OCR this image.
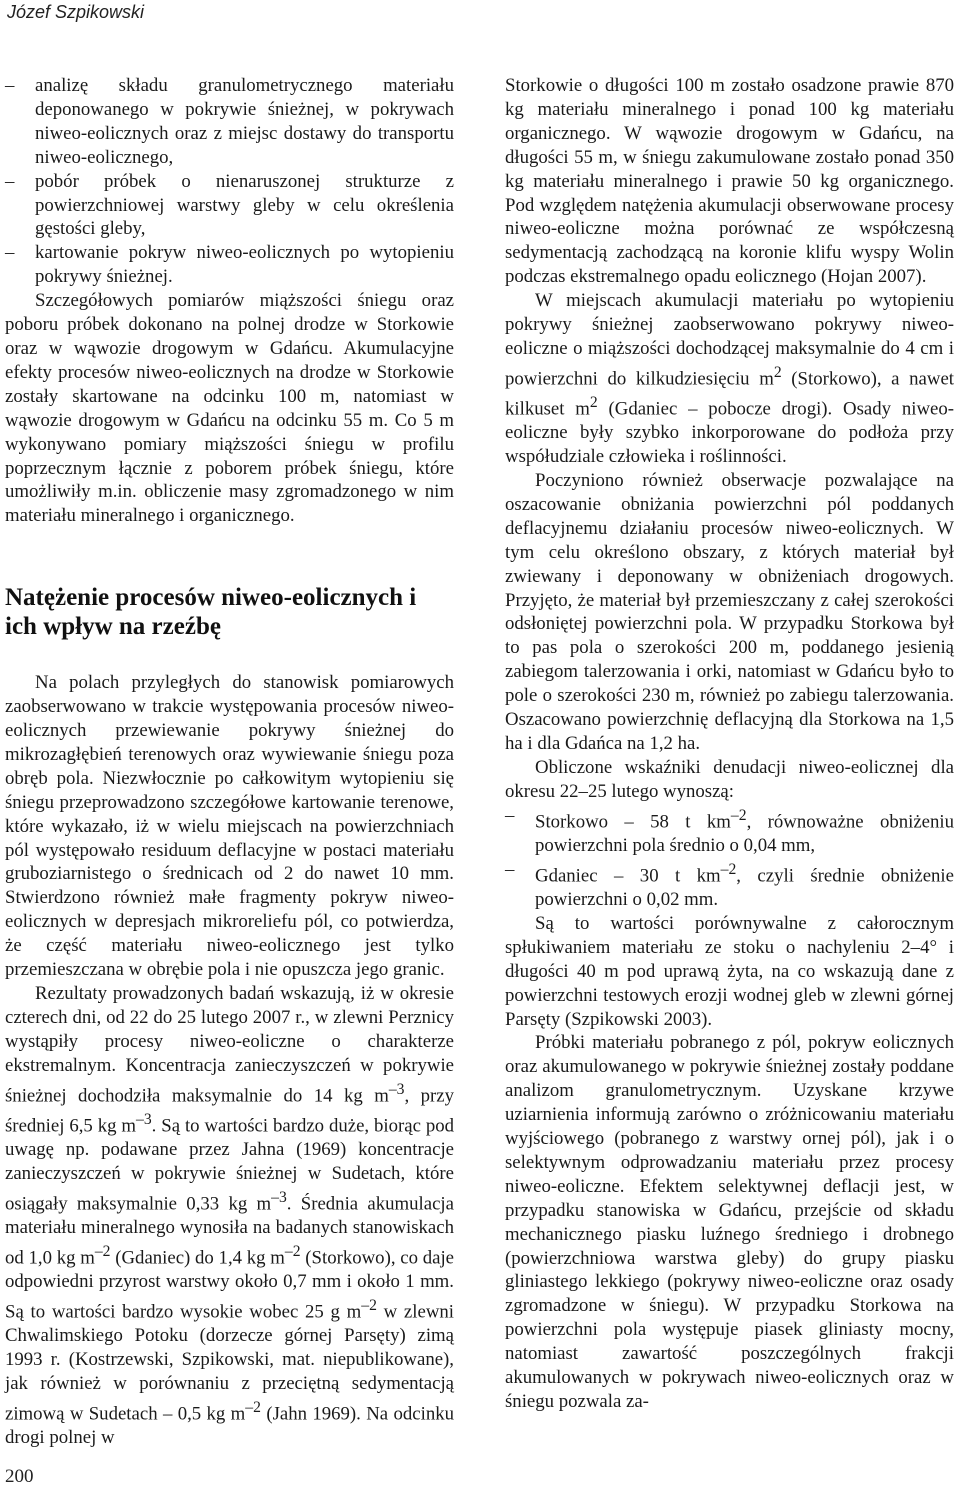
Józef Szpikowski
– analizę składu granulometrycznego materiału deponowanego w pokrywie śnieżnej, w pokrywach niweo-eolicznych oraz z miejsc dostawy do transportu niweo-eolicznego,
– pobór próbek o nienaruszonej strukturze z powierzchniowej warstwy gleby w celu określenia gęstości gleby,
– kartowanie pokryw niweo-eolicznych po wytopieniu pokrywy śnieżnej.

Szczegółowych pomiarów miąższości śniegu oraz poboru próbek dokonano na polnej drodze w Storkowie oraz w wąwozie drogowym w Gdańcu. Akumulacyjne efekty procesów niweo-eolicznych na drodze w Storkowie zostały skartowane na odcinku 100 m, natomiast w wąwozie drogowym w Gdańcu na odcinku 55 m. Co 5 m wykonywano pomiary miąższości śniegu w profilu poprzecznym łącznie z poborem próbek śniegu, które umożliwiły m.in. obliczenie masy zgromadzonego w nim materiału mineralnego i organicznego.

Natężenie procesów niweo-eolicznych i ich wpływ na rzeźbę

Na polach przyległych do stanowisk pomiarowych zaobserwowano w trakcie występowania procesów niweo-eolicznych przewiewanie pokrywy śnieżnej do mikrozagłębień terenowych oraz wywiewanie śniegu poza obręb pola. Niezwłocznie po całkowitym wytopieniu się śniegu przeprowadzono szczegółowe kartowanie terenowe, które wykazało, iż w wielu miejscach na powierzchniach pól występowało residuum deflacyjne w postaci materiału gruboziarnistego o średnicach od 2 do nawet 10 mm. Stwierdzono również małe fragmenty pokryw niweo-eolicznych w depresjach mikroreliefu pól, co potwierdza, że część materiału niweo-eolicznego jest tylko przemieszczana w obrębie pola i nie opuszcza jego granic.

Rezultaty prowadzonych badań wskazują, iż w okresie czterech dni, od 22 do 25 lutego 2007 r., w zlewni Perznicy wystąpiły procesy niweo-eoliczne o charakterze ekstremalnym. Koncentracja zanieczyszczeń w pokrywie śnieżnej dochodziła maksymalnie do 14 kg $m^{-3}$, przy średniej 6,5 kg $m^{-3}$. Są to wartości bardzo duże, biorąc pod uwagę np. podawane przez Jahna (1969) koncentracje zanieczyszczeń w pokrywie śnieżnej w Sudetach, które osiągały maksymalnie 0,33 kg $m^{-3}$. Średnia akumulacja materiału mineralnego wynosiła na badanych stanowiskach od 1,0 kg $m^{-2}$ (Gdaniec) do 1,4 kg $m^{-2}$ (Storkowo), co daje odpowiedni przyrost warstwy około 0,7 mm i około 1 mm. Są to wartości bardzo wysokie wobec 25 g $m^{-2}$ w zlewni Chwalimskiego Potoku (dorzecze górnej Parsęty) zimą 1993 r. (Kostrzewski, Szpikowski, mat. niepublikowane), jak również w porównaniu z przeciętną sedymentacją zimową w Sudetach – 0,5 kg $m^{-2}$ (Jahn 1969). Na odcinku drogi polnej w

Storkowie o długości 100 m zostało osadzone prawie 870 kg materiału mineralnego i ponad 100 kg materiału organicznego. W wąwozie drogowym w Gdańcu, na długości 55 m, w śniegu zakumulowane zostało ponad 350 kg materiału mineralnego i prawie 50 kg organicznego. Pod względem natężenia akumulacji obserwowane procesy niweo-eoliczne można porównać ze współczesną sedymentacją zachodzącą na koronie klifu wyspy Wolin podczas ekstremalnego opadu eolicznego (Hojan 2007).

W miejscach akumulacji materiału po wytopieniu pokrywy śnieżnej zaobserwowano pokrywy niweo-eoliczne o miąższości dochodzącej maksymalnie do 4 cm i powierzchni do kilkudziesięciu $m^2$ (Storkowo), a nawet kilkuset $m^2$ (Gdaniec – pobocze drogi). Osady niweo-eoliczne były szybko inkorporowane do podłoża przy współudziale człowieka i roślinności.

Poczyniono również obserwacje pozwalające na oszacowanie obniżania powierzchni pól poddanych deflacyjnemu działaniu procesów niweo-eolicznych. W tym celu określono obszary, z których materiał był zwiewany i deponowany w obniżeniach drogowych. Przyjęto, że materiał był przemieszczany z całej szerokości odsłoniętej powierzchni pola. W przypadku Storkowa był to pas pola o szerokości 200 m, poddanego jesienią zabiegom talerzowania i orki, natomiast w Gdańcu było to pole o szerokości 230 m, również po zabiegu talerzowania. Oszacowano powierzchnię deflacyjną dla Storkowa na 1,5 ha i dla Gdańca na 1,2 ha.

Obliczone wskaźniki denudacji niweo-eolicznej dla okresu 22–25 lutego wynoszą:

– Storkowo – 58 t $km^{-2}$, równoważne obniżeniu powierzchni pola średnio o 0,04 mm,
– Gdaniec – 30 t $km^{-2}$, czyli średnie obniżenie powierzchni o 0,02 mm.

Są to wartości porównywalne z całorocznym spłukiwaniem materiału ze stoku o nachyleniu 2–4° i długości 40 m pod uprawą żyta, na co wskazują dane z powierzchni testowych erozji wodnej gleb w zlewni górnej Parsęty (Szpikowski 2003).

Próbki materiału pobranego z pól, pokryw eolicznych oraz akumulowanego w pokrywie śnieżnej zostały poddane analizom granulometrycznym. Uzyskane krzywe uziarnienia informują zarówno o zróżnicowaniu materiału wyjściowego (pobranego z warstwy ornej pól), jak i o selektywnym odprowadzaniu materiału przez procesy niweo-eoliczne. Efektem selektywnej deflacji jest, w przypadku stanowiska w Gdańcu, przejście od składu mechanicznego piasku luźnego średniego i drobnego (powierzchniowa warstwa gleby) do grupy piasku gliniastego lekkiego (pokrywy niweo-eoliczne oraz osady zgromadzone w śniegu). W przypadku Storkowa na powierzchni pola występuje piasek gliniasty mocny, natomiast zawartość poszczególnych frakcji akumulowanych w pokrywach niweo-eolicznych oraz w śniegu pozwala za-

200
